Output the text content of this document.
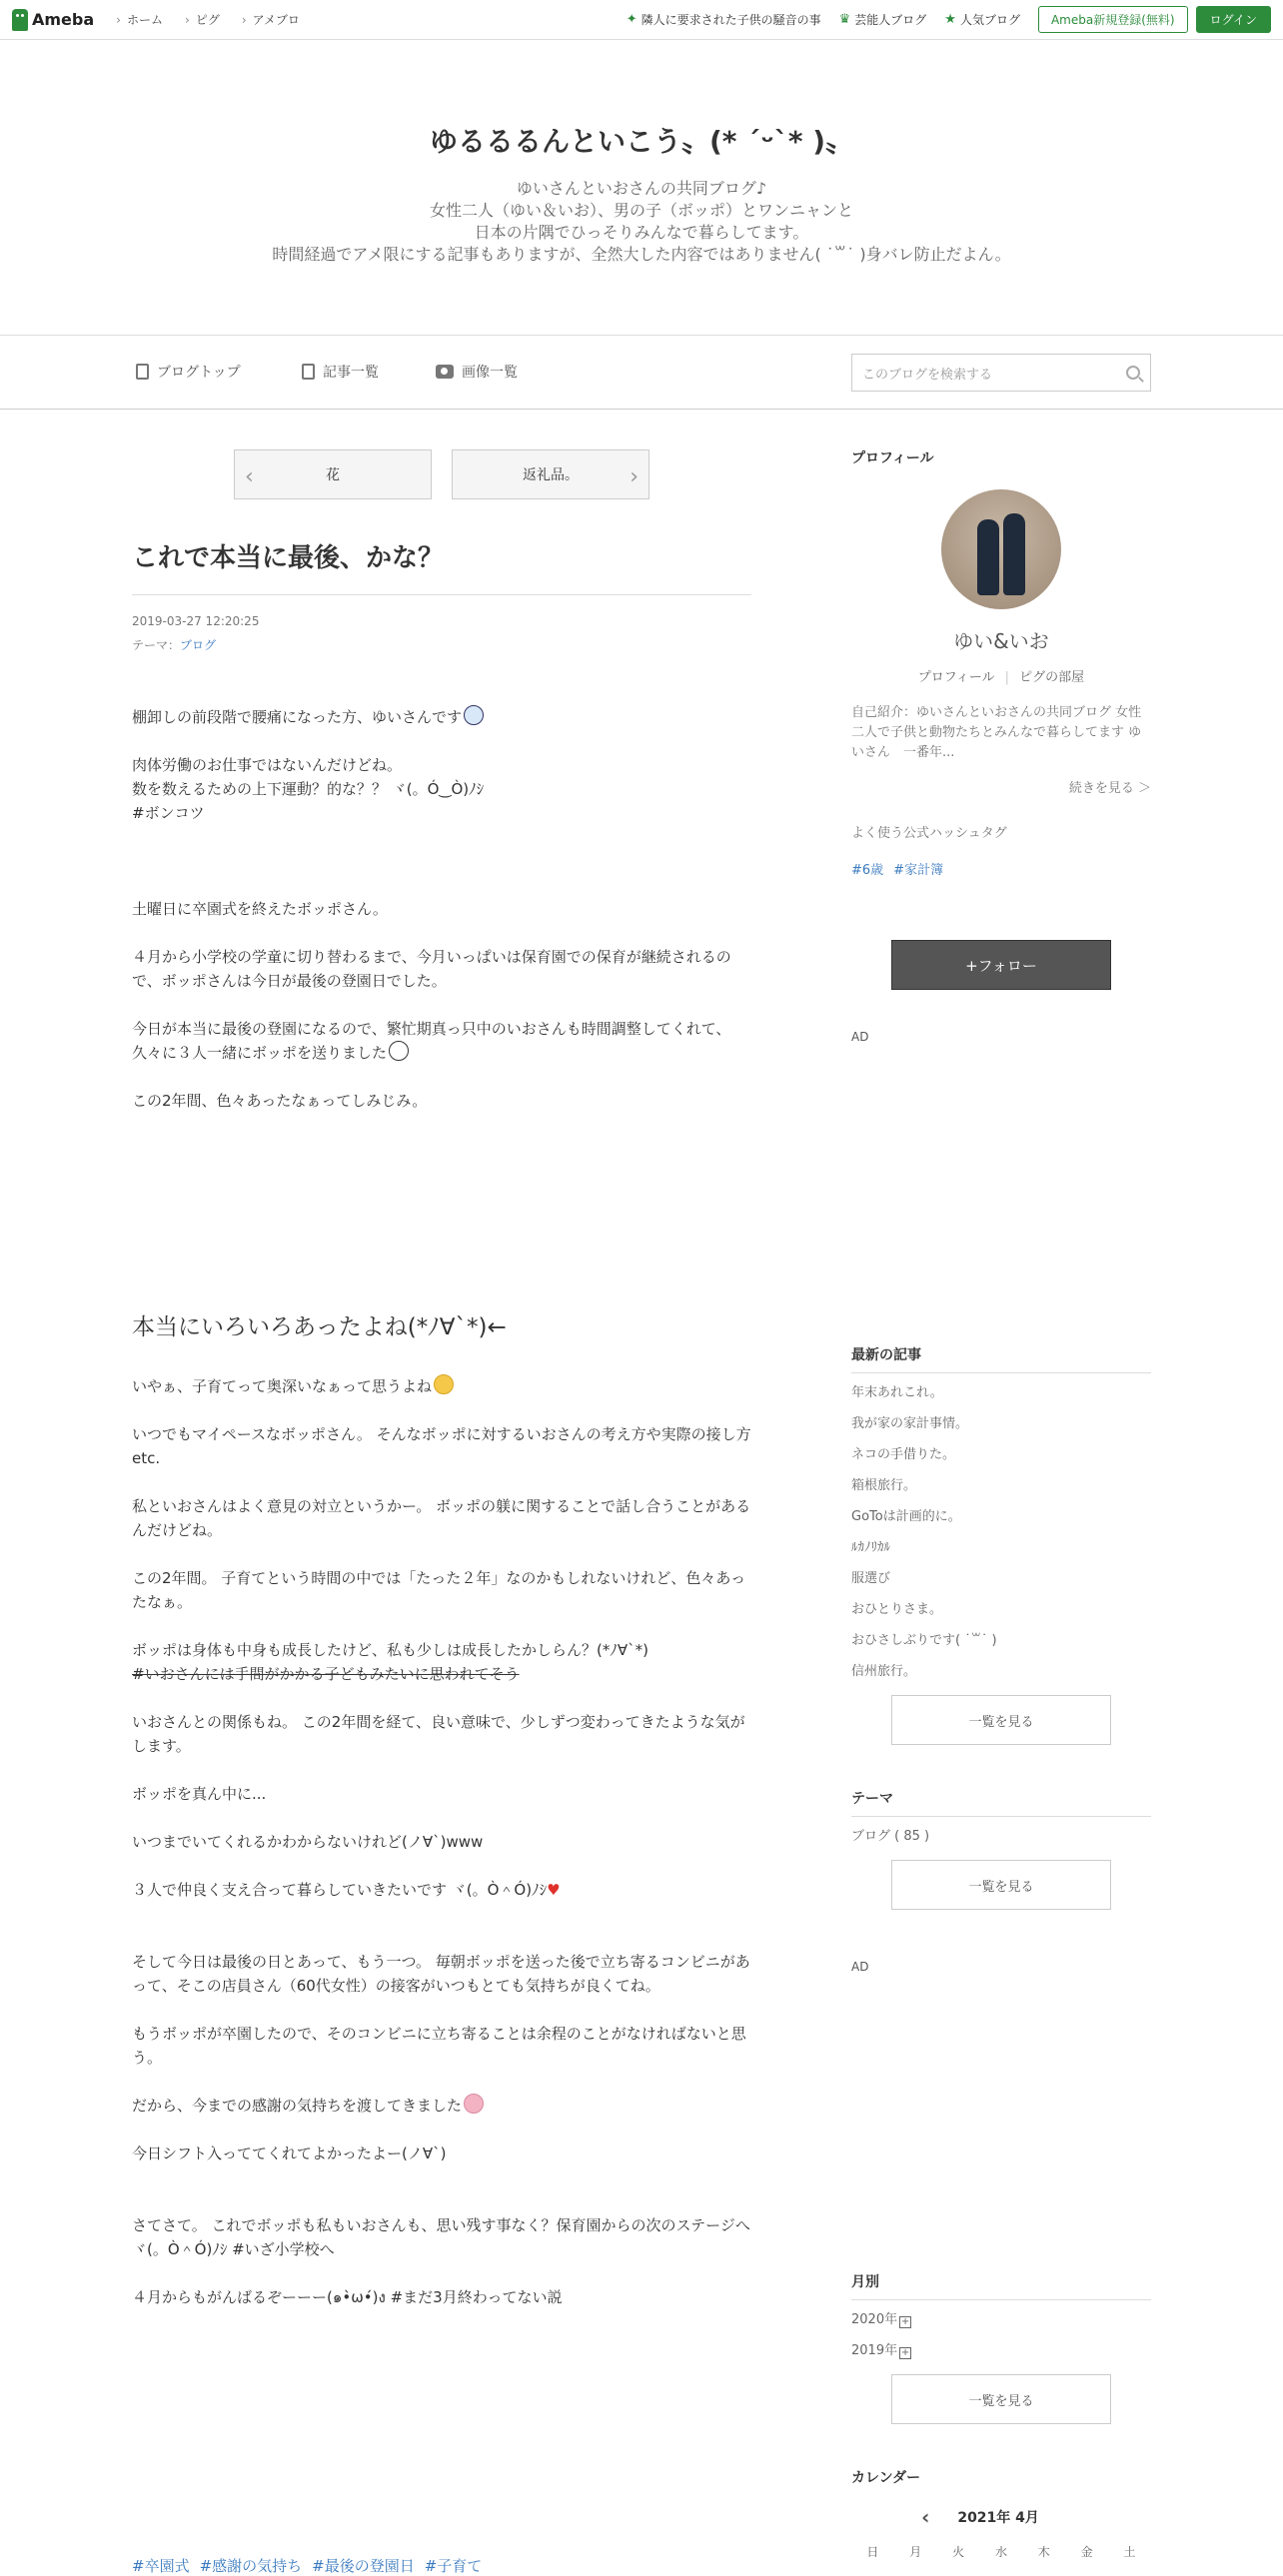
Ameba	› ホーム	› ピグ	› アメブロ	✦ 隣人に要求された子供の騒音の事 ♛ 芸能人ブログ ★ 人気ブログ	Ameba新規登録(無料)	ログイン
ゆるるるんといこう〟(* ˊᵕˋ* )〟
ゆいさんといおさんの共同ブログ♪
女性二人（ゆい＆いお）、男の子（ボッポ）とワンニャンと
日本の片隅でひっそりみんなで暮らしてます。
時間経過でアメ限にする記事もありますが、全然大した内容ではありません( ˙꒳˙ )身バレ防止だよん。
ブログトップ	記事一覧	画像一覧	このブログを検索する
‹	花	返礼品。 ›
これで本当に最後、かな？
2019-03-27 12:20:25
テーマ：ブログ

棚卸しの前段階で腰痛になった方、ゆいさんです

肉体労働のお仕事ではないんだけどね。
数を数えるための上下運動？的な？？ ヾ(。Ó‿Ò)ﾉｼ
#ボンコツ

土曜日に卒園式を終えたボッポさん。

４月から小学校の学童に切り替わるまで、今月いっぱいは保育園での保育が継続されるので、ボッポさんは今日が最後の登園日でした。

今日が本当に最後の登園になるので、繁忙期真っ只中のいおさんも時間調整してくれて、久々に３人一緒にボッポを送りました

この2年間、色々あったなぁってしみじみ。

本当にいろいろあったよね(*ﾉ∀`*)←

いやぁ、子育てって奥深いなぁって思うよね

いつでもマイペースなボッポさん。 そんなボッポに対するいおさんの考え方や実際の接し方etc.

私といおさんはよく意見の対立というかー。 ボッポの躾に関することで話し合うことがあるんだけどね。

この2年間。 子育てという時間の中では「たった２年」なのかもしれないけれど、色々あったなぁ。

ボッポは身体も中身も成長したけど、私も少しは成長したかしらん？(*ﾉ∀`*)

#いおさんには手間がかかる子どもみたいに思われてそう

いおさんとの関係もね。 この2年間を経て、良い意味で、少しずつ変わってきたような気がします。

ボッポを真ん中に...

いつまでいてくれるかわからないけれど(ノ∀`)www

３人で仲良く支え合って暮らしていきたいです ヾ(。Ò＾Ó)ﾉｼ♥

そして今日は最後の日とあって、もう一つ。 毎朝ボッポを送った後で立ち寄るコンビニがあって、そこの店員さん（60代女性）の接客がいつもとても気持ちが良くてね。

もうボッポが卒園したので、そのコンビニに立ち寄ることは余程のことがなければないと思う。

だから、今までの感謝の気持ちを渡してきました

今日シフト入っててくれてよかったよー(ノ∀`)

さてさて。 これでボッポも私もいおさんも、思い残す事なく？保育園からの次のステージへ ヾ(。Ò＾Ó)ﾉｼ #いざ小学校へ

４月からもがんばるぞーーー(๑•̀ω•́)ง #まだ3月終わってない説

#卒園式 #感謝の気持ち #最後の登園日 #子育て
プロフィール
ゆい&いお
プロフィール | ピグの部屋
自己紹介：ゆいさんといおさんの共同ブログ 女性二人で子供と動物たちとみんなで暮らしてます ゆいさん　一番年...
続きを見る ＞
よく使う公式ハッシュタグ
#6歳 #家計簿
+フォロー
AD
最新の記事
年末あれこれ。
我が家の家計事情。
ネコの手借りた。
箱根旅行。
GoToは計画的に。
ﾙｶﾉﾘｶﾙ
服選び
おひとりさま。
おひさしぶりです( ˙꒳˙ )
信州旅行。
一覧を見る
テーマ
ブログ ( 85 )
一覧を見る
AD
月別
2020年 +
2019年 +
一覧を見る
カレンダー
‹ 2021年 4月
日	月	火	水	木	金	土
